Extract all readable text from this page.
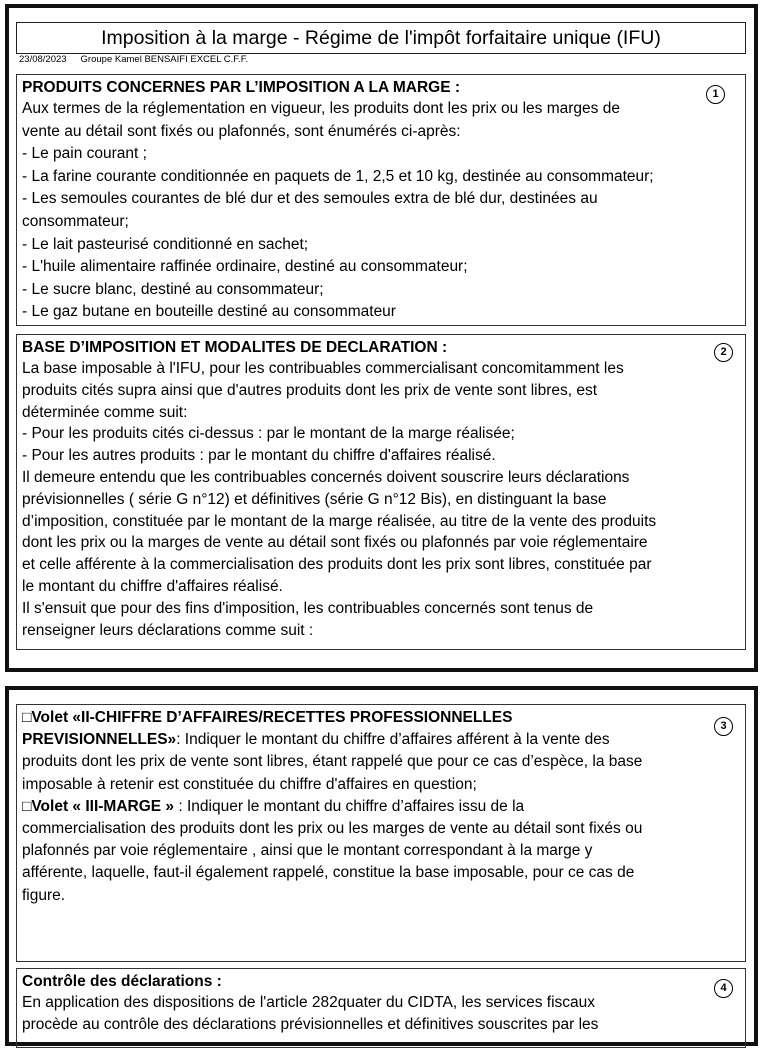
Imposition à la marge - Régime de l'impôt forfaitaire unique (IFU)
23/08/2023 Groupe Kamel BENSAIFI EXCEL C.F.F.
PRODUITS CONCERNES PAR L’IMPOSITION A LA MARGE :

Aux termes de la réglementation en vigueur, les produits dont les prix ou les marges de

vente au détail sont fixés ou plafonnés, sont énumérés ci-après:

- Le pain courant ;

- La farine courante conditionnée en paquets de 1, 2,5 et 10 kg, destinée au consommateur;

- Les semoules courantes de blé dur et des semoules extra de blé dur, destinées au

consommateur;

- Le lait pasteurisé conditionné en sachet;

- L'huile alimentaire raffinée ordinaire, destiné au consommateur;

- Le sucre blanc, destiné au consommateur;

- Le gaz butane en bouteille destiné au consommateur

1
BASE D’IMPOSITION ET MODALITES DE DECLARATION :

La base imposable à l'IFU, pour les contribuables commercialisant concomitamment les

produits cités supra ainsi que d'autres produits dont les prix de vente sont libres, est

déterminée comme suit:

- Pour les produits cités ci-dessus : par le montant de la marge réalisée;

- Pour les autres produits : par le montant du chiffre d'affaires réalisé.

Il demeure entendu que les contribuables concernés doivent souscrire leurs déclarations

prévisionnelles ( série G n°12) et définitives (série G n°12 Bis), en distinguant la base

d’imposition, constituée par le montant de la marge réalisée, au titre de la vente des produits

dont les prix ou la marges de vente au détail sont fixés ou plafonnés par voie réglementaire

et celle afférente à la commercialisation des produits dont les prix sont libres, constituée par

le montant du chiffre d'affaires réalisé.

Il s'ensuit que pour des fins d'imposition, les contribuables concernés sont tenus de

renseigner leurs déclarations comme suit :

2

□Volet «II-CHIFFRE D’AFFAIRES/RECETTES PROFESSIONNELLES

PREVISIONNELLES»: Indiquer le montant du chiffre d’affaires afférent à la vente des

produits dont les prix de vente sont libres, étant rappelé que pour ce cas d’espèce, la base

imposable à retenir est constituée du chiffre d'affaires en question;

□Volet « III-MARGE » : Indiquer le montant du chiffre d’affaires issu de la

commercialisation des produits dont les prix ou les marges de vente au détail sont fixés ou

plafonnés par voie réglementaire , ainsi que le montant correspondant à la marge y

afférente, laquelle, faut-il également rappelé, constitue la base imposable, pour ce cas de

figure.

3
Contrôle des déclarations :

En application des dispositions de l'article 282quater du CIDTA, les services fiscaux

procède au contrôle des déclarations prévisionnelles et définitives souscrites par les

4
